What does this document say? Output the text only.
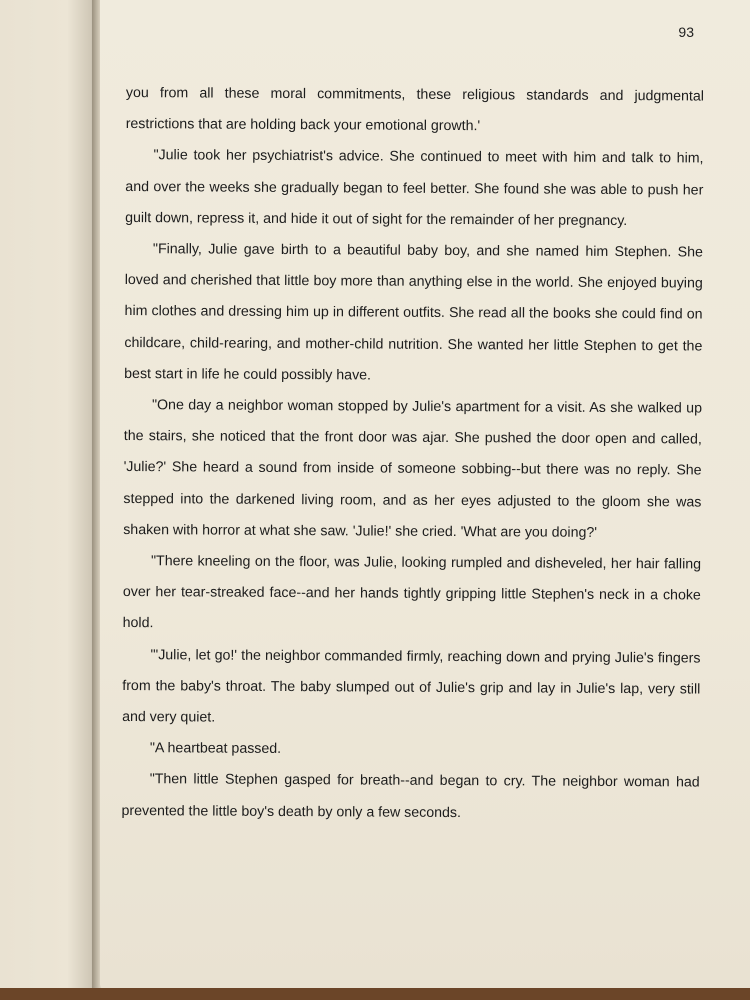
93

you from all these moral commitments, these religious standards and judgmental restrictions that are holding back your emotional growth.'

"Julie took her psychiatrist's advice. She continued to meet with him and talk to him, and over the weeks she gradually began to feel better. She found she was able to push her guilt down, repress it, and hide it out of sight for the remainder of her pregnancy.

"Finally, Julie gave birth to a beautiful baby boy, and she named him Stephen. She loved and cherished that little boy more than anything else in the world. She enjoyed buying him clothes and dressing him up in different outfits. She read all the books she could find on childcare, child-rearing, and mother-child nutrition. She wanted her little Stephen to get the best start in life he could possibly have.

"One day a neighbor woman stopped by Julie's apartment for a visit. As she walked up the stairs, she noticed that the front door was ajar. She pushed the door open and called, 'Julie?' She heard a sound from inside of someone sobbing--but there was no reply. She stepped into the darkened living room, and as her eyes adjusted to the gloom she was shaken with horror at what she saw. 'Julie!' she cried. 'What are you doing?'

"There kneeling on the floor, was Julie, looking rumpled and disheveled, her hair falling over her tear-streaked face--and her hands tightly gripping little Stephen's neck in a choke hold.

"'Julie, let go!' the neighbor commanded firmly, reaching down and prying Julie's fingers from the baby's throat. The baby slumped out of Julie's grip and lay in Julie's lap, very still and very quiet.

"A heartbeat passed.

"Then little Stephen gasped for breath--and began to cry. The neighbor woman had prevented the little boy's death by only a few seconds.
